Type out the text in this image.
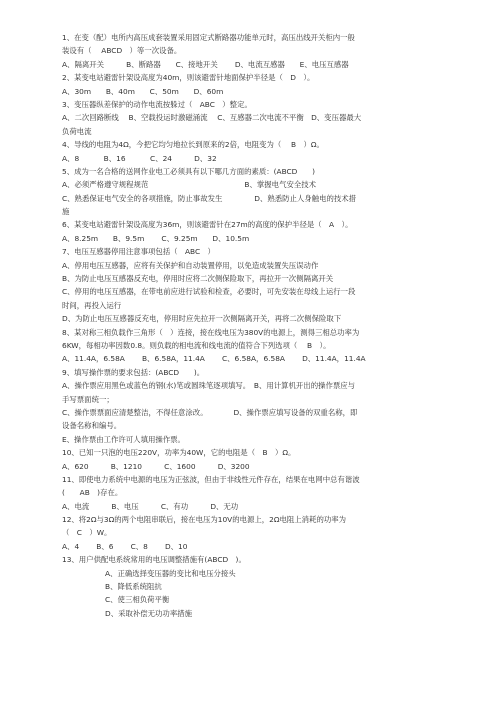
1、在变（配）电所内高压成套装置采用固定式断路器功能单元时，高压出线开关柜内一般
装设有（　 ABCD　）等一次设备。
A、隔离开关　　　B、断路器　　C、接地开关　　 D、电流互感器　　E、电压互感器
2、某变电站避雷针架设高度为40m，则该避雷针地面保护半径是（　D　）。
A、30m　　B、40m　　C、50m　　D、60m
3、变压器纵差保护的动作电流按躲过（　ABC　）整定。
A、二次回路断线　 B、空载投运时激磁涌流　 C、互感器二次电流不平衡　D、变压器最大
负荷电流
4、导线的电阻为4Ω，今把它均匀地拉长到原来的2倍，电阻变为（　 B　）Ω。
A、8　　　 B、16　　　 C、24　　　D、32
5、成为一名合格的送网作业电工必须具有以下哪几方面的素质：(ABCD　　)
A、必须严格遵守规程规范　　　　　　　　　　　　　B、掌握电气安全技术
C、熟悉保证电气安全的各项措施，防止事故发生　　　　 D、熟悉防止人身触电的技术措
施
6、某变电站避雷针架设高度为36m，则该避雷针在27m的高度的保护半径是（　A　）。
A、8.25m　　B、9.5m　　 C、9.25m　　D、10.5m
7、电压互感器停用注意事项包括（　ABC　）
A、停用电压互感器，应将有关保护和自动装置停用，以免造成装置失压误动作
B、为防止电压互感器反充电，停用时应将二次侧保险取下，再拉开一次侧隔离开关
C、停用的电压互感器，在带电前应进行试验和检查，必要时，可先安装在母线上运行一段
时间，再投入运行
D、为防止电压互感器反充电，停用时应先拉开一次侧隔离开关，再将二次侧保险取下
8、某对称三相负载作三角形（　）连接，接在线电压为380V的电源上，测得三相总功率为
6KW，每相功率因数0.8。则负载的相电流和线电流的值符合下列选项（　 B　）。
A、11.4A，6.58A　　 B、6.58A，11.4A　　 C、6.58A，6.58A　　 D、11.4A，11.4A
9、填写操作票的要求包括：(ABCD　　)。
A、操作票应用黑色或蓝色的钢(水)笔或圆珠笔逐项填写。　B、用计算机开出的操作票应与
手写票面统一；
C、操作票票面应清楚整洁，不得任意涂改。　　　　D、操作票应填写设备的双重名称，即
设备名称和编号。
E、操作票由工作许可人填用操作票。
10、已知一只泡的电压220V，功率为40W，它的电阻是（　B　）Ω。
A、620　　　B、1210　　　C、1600　　　D、3200
11、即使电力系统中电源的电压为正弦波，但由于非线性元件存在，结果在电网中总有谐波
(　　AB　)存在。
A、电流　　　B、电压　　　C、有功　　　D、无功
12、将2Ω与3Ω的两个电阻串联后，接在电压为10V的电源上，2Ω电阻上消耗的功率为
（　C　）W。
A、4　　 B、6　　 C、8　　 D、10
13、用户供配电系统常用的电压调整措施有(ABCD　)。
A、正确选择变压器的变比和电压分接头
B、降低系统阻抗
C、使三相负荷平衡
D、采取补偿无功功率措施
